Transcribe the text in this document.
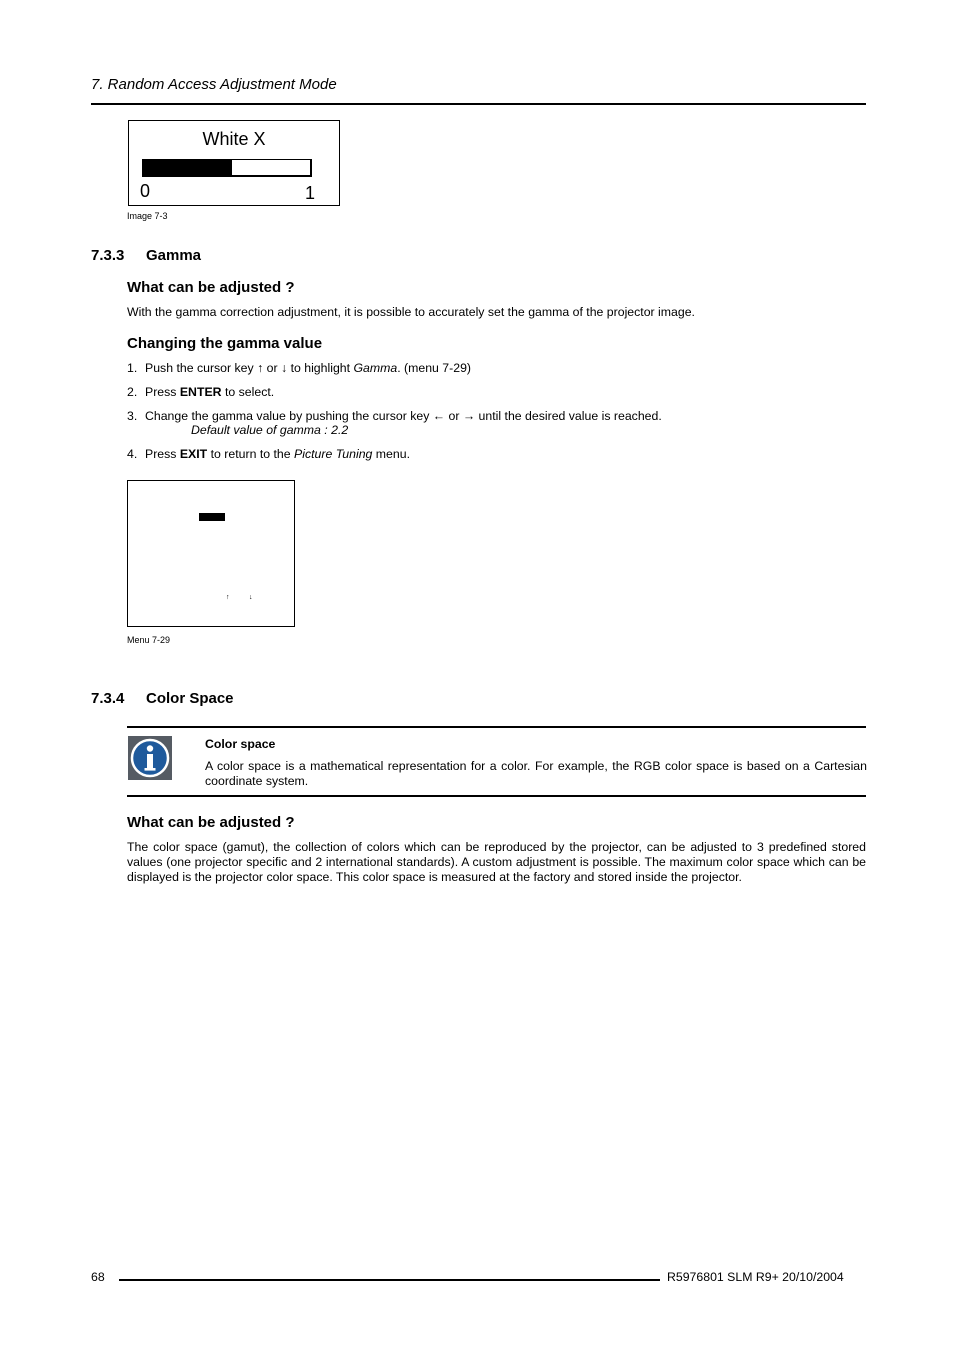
7. Random Access Adjustment Mode
White X
0	1
Image 7-3
7.3.3 Gamma
What can be adjusted ?
With the gamma correction adjustment, it is possible to accurately set the gamma of the projector image.
Changing the gamma value
1. Push the cursor key ↑ or ↓ to highlight Gamma. (menu 7-29)
2. Press ENTER to select.
3. Change the gamma value by pushing the cursor key ← or → until the desired value is reached.
Default value of gamma : 2.2
4. Press EXIT to return to the Picture Tuning menu.
↑	↓
Menu 7-29
7.3.4 Color Space
Color space
A color space is a mathematical representation for a color. For example, the RGB color space is based on a Cartesian coordinate system.
What can be adjusted ?
The color space (gamut), the collection of colors which can be reproduced by the projector, can be adjusted to 3 predefined stored values (one projector specific and 2 international standards). A custom adjustment is possible. The maximum color space which can be displayed is the projector color space. This color space is measured at the factory and stored inside the projector.
68	R5976801 SLM R9+ 20/10/2004
